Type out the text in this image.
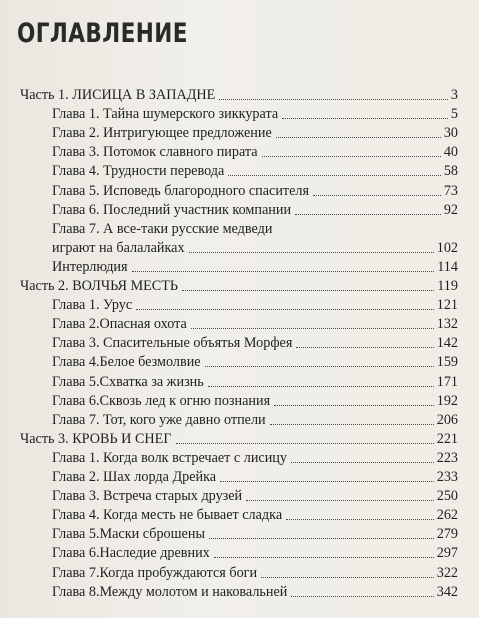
ОГЛАВЛЕНИЕ
Часть 1. ЛИСИЦА В ЗАПАДНЕ	3
Глава 1. Тайна шумерского зиккурата	5
Глава 2. Интригующее предложение	30
Глава 3. Потомок славного пирата	40
Глава 4. Трудности перевода	58
Глава 5. Исповедь благородного спасителя	73
Глава 6. Последний участник компании	92
Глава 7. А все-таки русские медведи
играют на балалайках	102
Интерлюдия	114
Часть 2. ВОЛЧЬЯ МЕСТЬ	119
Глава 1. Урус	121
Глава 2.Опасная охота	132
Глава 3. Спасительные объятья Морфея	142
Глава 4.Белое безмолвие	159
Глава 5.Схватка за жизнь	171
Глава 6.Сквозь лед к огню познания	192
Глава 7. Тот, кого уже давно отпели	206
Часть 3. КРОВЬ И СНЕГ	221
Глава 1. Когда волк встречает с лисицу	223
Глава 2. Шах лорда Дрейка	233
Глава 3. Встреча старых друзей	250
Глава 4. Когда месть не бывает сладка	262
Глава 5.Маски сброшены	279
Глава 6.Наследие древних	297
Глава 7.Когда пробуждаются боги	322
Глава 8.Между молотом и наковальней	342
